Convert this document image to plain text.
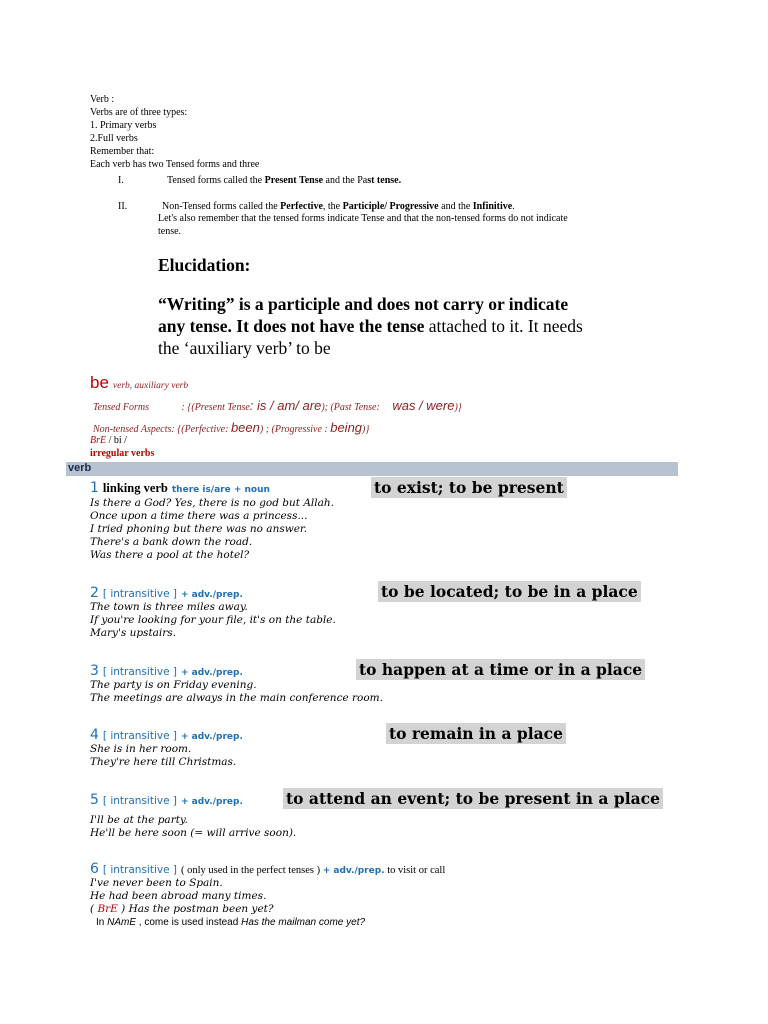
Verb :
Verbs are of three types:
1. Primary verbs
2.Full verbs
Remember that:
Each verb has two Tensed forms and three
I.	Tensed forms called the Present Tense and the Past tense.
II.	Non-Tensed forms called the Perfective, the Participle/ Progressive and the Infinitive.
Let's also remember that the tensed forms indicate Tense and that the non-tensed forms do not indicate
tense.
Elucidation:
“Writing” is a participle and does not carry or indicate
any tense. It does not have the tense attached to it. It needs
the ‘auxiliary verb’ to be
be verb, auxiliary verb
Tensed Forms	: {(Present Tense: is / am/ are); (Past Tense: was / were)}
Non-tensed Aspects: {(Perfective: been) ; (Progressive : being)}
BrE / bi /
irregular verbs
verb
1 linking verb there is/are + noun	to exist; to be present
Is there a God? Yes, there is no god but Allah.
Once upon a time there was a princess...
I tried phoning but there was no answer.
There's a bank down the road.
Was there a pool at the hotel?
2 [ intransitive ] + adv./prep.	to be located; to be in a place
The town is three miles away.
If you're looking for your file, it's on the table.
Mary's upstairs.
3 [ intransitive ] + adv./prep.	to happen at a time or in a place
The party is on Friday evening.
The meetings are always in the main conference room.
4 [ intransitive ] + adv./prep.	to remain in a place
She is in her room.
They're here till Christmas.
5 [ intransitive ] + adv./prep.	to attend an event; to be present in a place
I'll be at the party.
He'll be here soon (= will arrive soon).
6 [ intransitive ] ( only used in the perfect tenses ) + adv./prep. to visit or call
I've never been to Spain.
He had been abroad many times.
( BrE ) Has the postman been yet?
In NAmE , come is used instead Has the mailman come yet?
